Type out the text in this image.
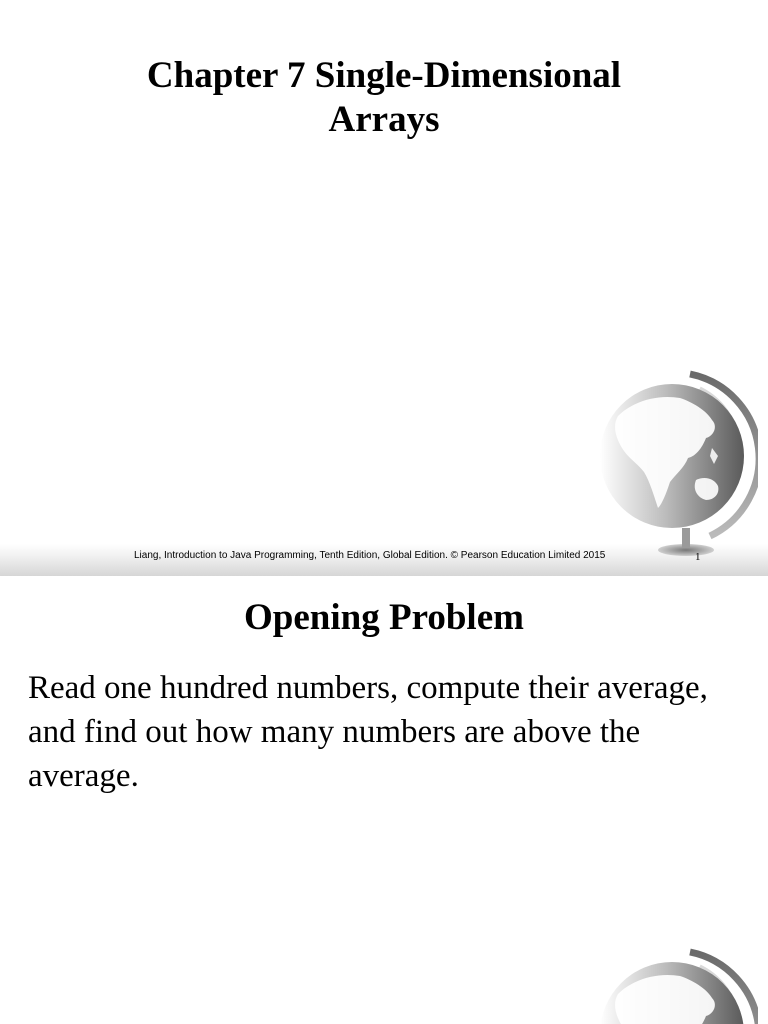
Chapter 7 Single-Dimensional
Arrays
Liang, Introduction to Java Programming, Tenth Edition, Global Edition. © Pearson Education Limited 2015	1
Opening Problem

Read one hundred numbers, compute their average, and find out how many numbers are above the average.
